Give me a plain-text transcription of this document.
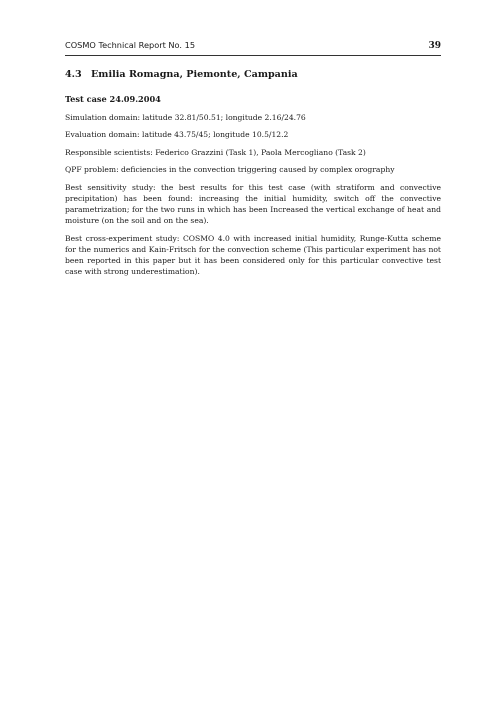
COSMO Technical Report No. 15	39
4.3 Emilia Romagna, Piemonte, Campania
Test case 24.09.2004

Simulation domain: latitude 32.81/50.51; longitude 2.16/24.76

Evaluation domain: latitude 43.75/45; longitude 10.5/12.2

Responsible scientists: Federico Grazzini (Task 1), Paola Mercogliano (Task 2)

QPF problem: deficiencies in the convection triggering caused by complex orography

Best sensitivity study: the best results for this test case (with stratiform and convective precipitation) has been found: increasing the initial humidity, switch off the convective parametrization; for the two runs in which has been Increased the vertical exchange of heat and moisture (on the soil and on the sea).

Best cross-experiment study: COSMO 4.0 with increased initial humidity, Runge-Kutta scheme for the numerics and Kain-Fritsch for the convection scheme (This particular experiment has not been reported in this paper but it has been considered only for this particular convective test case with strong underestimation).
